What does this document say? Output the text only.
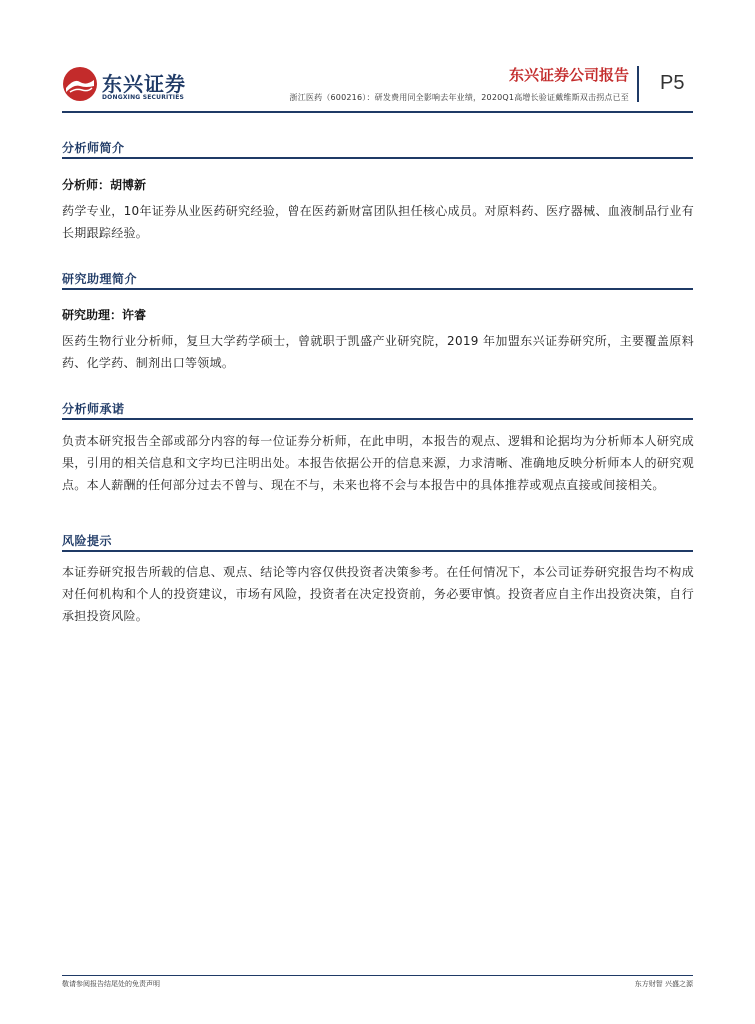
东兴证券
DONGXING SECURITIES
东兴证券公司报告
浙江医药（600216）：研发费用同全影响去年业绩，2020Q1高增长验证戴维斯双击拐点已至
P5
分析师简介
分析师：胡博新
药学专业，10年证券从业医药研究经验，曾在医药新财富团队担任核心成员。对原料药、医疗器械、血液制品行业有长期跟踪经验。
研究助理简介
研究助理：许睿
医药生物行业分析师，复旦大学药学硕士，曾就职于凯盛产业研究院，2019 年加盟东兴证券研究所，主要覆盖原料药、化学药、制剂出口等领域。
分析师承诺
负责本研究报告全部或部分内容的每一位证券分析师，在此申明，本报告的观点、逻辑和论据均为分析师本人研究成果，引用的相关信息和文字均已注明出处。本报告依据公开的信息来源，力求清晰、准确地反映分析师本人的研究观点。本人薪酬的任何部分过去不曾与、现在不与，未来也将不会与本报告中的具体推荐或观点直接或间接相关。
风险提示
本证券研究报告所载的信息、观点、结论等内容仅供投资者决策参考。在任何情况下，本公司证券研究报告均不构成对任何机构和个人的投资建议，市场有风险，投资者在决定投资前，务必要审慎。投资者应自主作出投资决策，自行承担投资风险。
敬请参阅报告结尾处的免责声明	东方财智 兴盛之源
